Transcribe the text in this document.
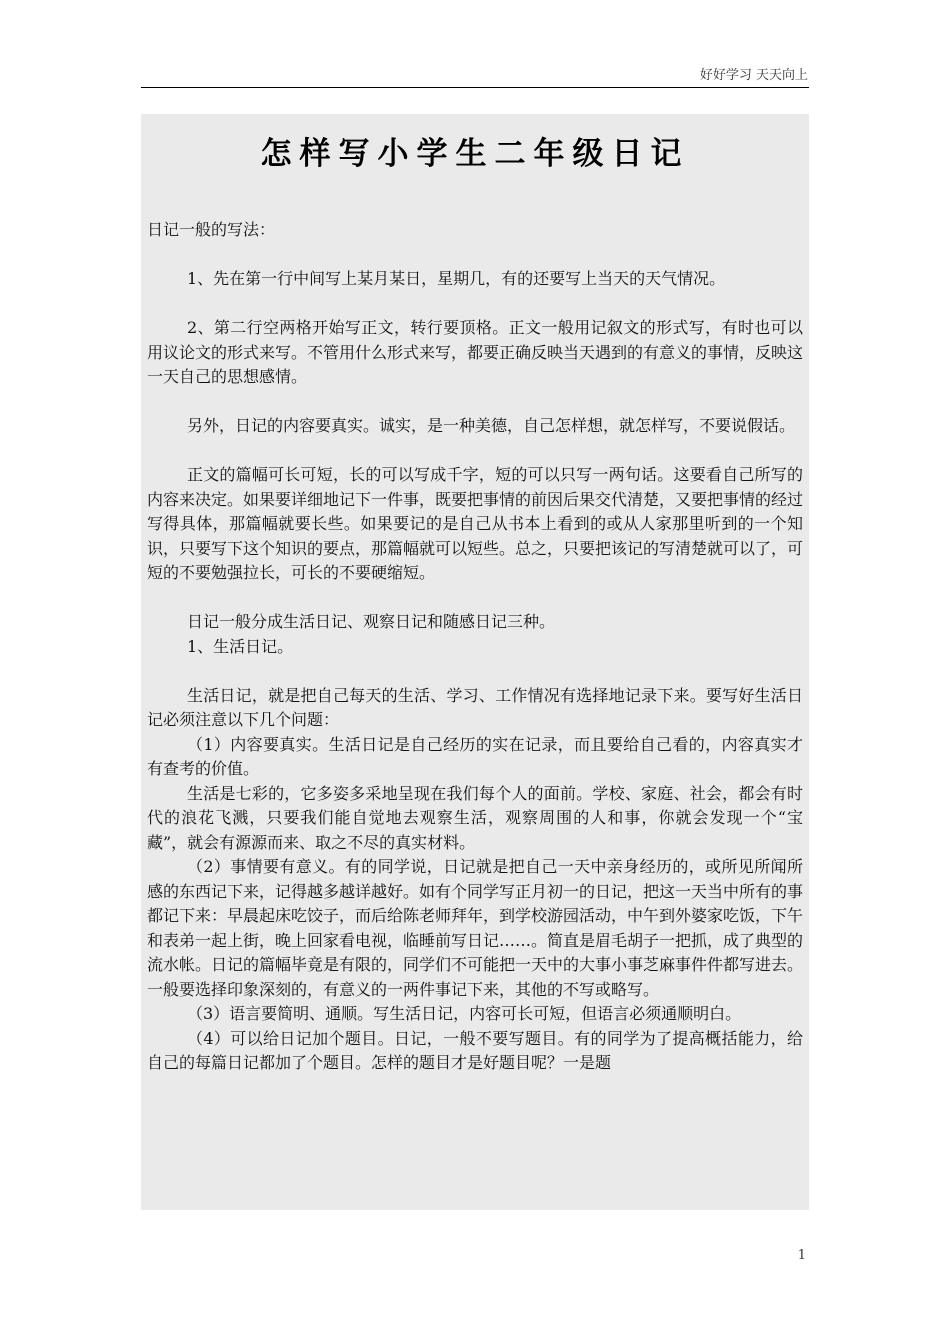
好好学习 天天向上
怎样写小学生二年级日记

日记一般的写法：

1、先在第一行中间写上某月某日，星期几，有的还要写上当天的天气情况。

2、第二行空两格开始写正文，转行要顶格。正文一般用记叙文的形式写，有时也可以用议论文的形式来写。不管用什么形式来写，都要正确反映当天遇到的有意义的事情，反映这一天自己的思想感情。

另外，日记的内容要真实。诚实，是一种美德，自己怎样想，就怎样写，不要说假话。

正文的篇幅可长可短，长的可以写成千字，短的可以只写一两句话。这要看自己所写的内容来决定。如果要详细地记下一件事，既要把事情的前因后果交代清楚，又要把事情的经过写得具体，那篇幅就要长些。如果要记的是自己从书本上看到的或从人家那里听到的一个知识，只要写下这个知识的要点，那篇幅就可以短些。总之，只要把该记的写清楚就可以了，可短的不要勉强拉长，可长的不要硬缩短。

日记一般分成生活日记、观察日记和随感日记三种。

1、生活日记。

生活日记，就是把自己每天的生活、学习、工作情况有选择地记录下来。要写好生活日记必须注意以下几个问题：

（1）内容要真实。生活日记是自己经历的实在记录，而且要给自己看的，内容真实才有查考的价值。

生活是七彩的，它多姿多采地呈现在我们每个人的面前。学校、家庭、社会，都会有时代的浪花飞溅，只要我们能自觉地去观察生活，观察周围的人和事，你就会发现一个“宝藏”，就会有源源而来、取之不尽的真实材料。

（2）事情要有意义。有的同学说，日记就是把自己一天中亲身经历的，或所见所闻所感的东西记下来，记得越多越详越好。如有个同学写正月初一的日记，把这一天当中所有的事都记下来：早晨起床吃饺子，而后给陈老师拜年，到学校游园活动，中午到外婆家吃饭，下午和表弟一起上街，晚上回家看电视，临睡前写日记……。简直是眉毛胡子一把抓，成了典型的流水帐。日记的篇幅毕竟是有限的，同学们不可能把一天中的大事小事芝麻事件件都写进去。一般要选择印象深刻的，有意义的一两件事记下来，其他的不写或略写。

（3）语言要简明、通顺。写生活日记，内容可长可短，但语言必须通顺明白。

（4）可以给日记加个题目。日记，一般不要写题目。有的同学为了提高概括能力，给自己的每篇日记都加了个题目。怎样的题目才是好题目呢？一是题

1
